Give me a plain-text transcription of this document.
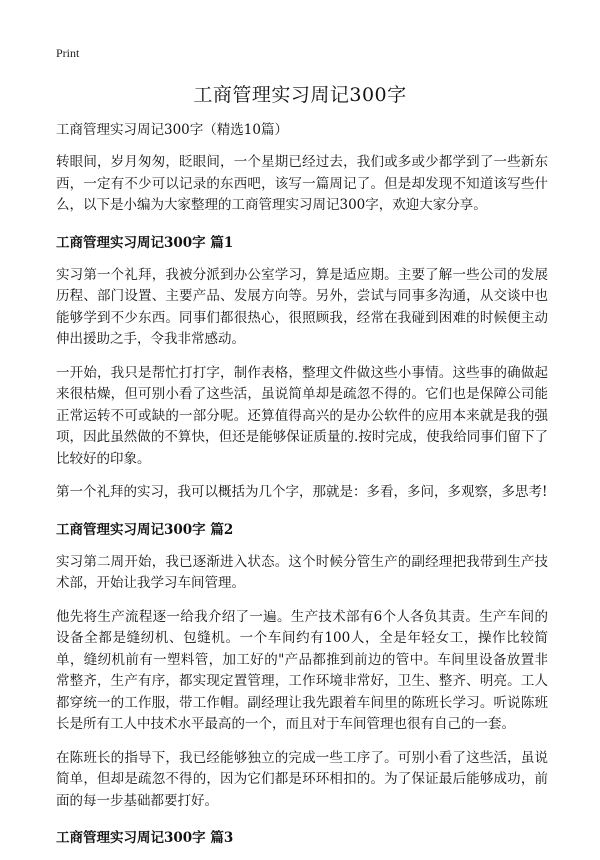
Print
工商管理实习周记300字
工商管理实习周记300字（精选10篇）

转眼间，岁月匆匆，眨眼间，一个星期已经过去，我们或多或少都学到了一些新东西，一定有不少可以记录的东西吧，该写一篇周记了。但是却发现不知道该写些什么，以下是小编为大家整理的工商管理实习周记300字，欢迎大家分享。

工商管理实习周记300字 篇1

实习第一个礼拜，我被分派到办公室学习，算是适应期。主要了解一些公司的发展历程、部门设置、主要产品、发展方向等。另外，尝试与同事多沟通，从交谈中也能够学到不少东西。同事们都很热心，很照顾我，经常在我碰到困难的时候便主动伸出援助之手，令我非常感动。

一开始，我只是帮忙打打字，制作表格，整理文件做这些小事情。这些事的确做起来很枯燥，但可别小看了这些活，虽说简单却是疏忽不得的。它们也是保障公司能正常运转不可或缺的一部分呢。还算值得高兴的是办公软件的应用本来就是我的强项，因此虽然做的不算快，但还是能够保证质量的.按时完成，使我给同事们留下了比较好的印象。

第一个礼拜的实习，我可以概括为几个字，那就是：多看，多问，多观察，多思考!

工商管理实习周记300字 篇2

实习第二周开始，我已逐渐进入状态。这个时候分管生产的副经理把我带到生产技术部，开始让我学习车间管理。

他先将生产流程逐一给我介绍了一遍。生产技术部有6个人各负其责。生产车间的设备全都是缝纫机、包缝机。一个车间约有100人，全是年轻女工，操作比较简单，缝纫机前有一塑料管，加工好的"产品都推到前边的管中。车间里设备放置非常整齐，生产有序，都实现定置管理，工作环境非常好，卫生、整齐、明亮。工人都穿统一的工作服，带工作帽。副经理让我先跟着车间里的陈班长学习。听说陈班长是所有工人中技术水平最高的一个，而且对于车间管理也很有自己的一套。

在陈班长的指导下，我已经能够独立的完成一些工序了。可别小看了这些活，虽说简单，但却是疏忽不得的，因为它们都是环环相扣的。为了保证最后能够成功，前面的每一步基础都要打好。

工商管理实习周记300字 篇3
